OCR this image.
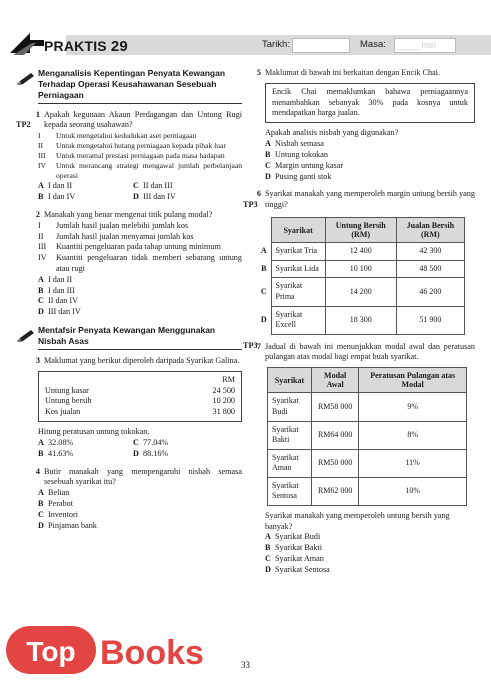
PRAKTIS 29	Tarikh:	Masa:	____ min
Menganalisis Kepentingan Penyata Kewangan Terhadap Operasi Keusahawanan Sesebuah Perniagaan
1 Apakah kegunaan Akaun Perdagangan dan Untung Rugi kepada seorang usahawan?
TP2
I	Untuk mengetahui kedudukan aset perniagaan
II	Untuk mengetahui hutang perniagaan kepada pihak luar
III	Untuk meramal prestasi perniagaan pada masa hadapan
IV	Untuk merancang strategi mengawal jumlah perbelanjaan operasi
A I dan II	C II dan III
B I dan IV	D III dan IV
2 Manakah yang benar mengenai titik pulang modal?
I	Jumlah hasil jualan melebihi jumlah kos
II	Jumlah hasil jualan menyamai jumlah kos
III	Kuantiti pengeluaran pada tahap untung minimum
IV	Kuantiti pengeluaran tidak memberi sebarang untung atau rugi
A I dan II
B I dan III
C II dan IV
D III dan IV
Mentafsir Penyata Kewangan Menggunakan Nisbah Asas
3 Maklumat yang berikut diperoleh daripada Syarikat Galina.
	RM
Untung kasar	24 500
Untung bersih	10 200
Kos jualan	31 800
Hitung peratusan untung tokokan.
A 32.08%	C 77.04%
B 41.63%	D 88.16%
4 Butir manakah yang mempengaruhi nisbah semasa sesebuah syarikat itu?
A Belian
B Perabot
C Inventori
D Pinjaman bank
5 Maklumat di bawah ini berkaitan dengan Encik Chai.
Encik Chai memaklumkan bahawa perniagaannya menambahkan sebanyak 30% pada kosnya untuk mendapatkan harga jualan.
Apakah analisis nisbah yang digunakan?
A Nisbah semasa
B Untung tokokan
C Margin untung kasar
D Pusing ganti stok
6 Syarikat manakah yang memperoleh margin untung bersih yang tinggi?
TP3
	Syarikat	Untung Bersih (RM)	Jualan Bersih (RM)
A	Syarikat Tria	12 400	42 300
B	Syarikat Lida	10 100	48 500
C	Syarikat Prima	14 200	46 200
D	Syarikat Excell	18 300	51 900
7 Jadual di bawah ini menunjukkan modal awal dan peratusan pulangan atas modal bagi empat buah syarikat.
TP3
Syarikat	Modal Awal	Peratusan Pulangan atas Modal
Syarikat Budi	RM58 000	9%
Syarikat Bakti	RM64 000	8%
Syarikat Aman	RM50 000	11%
Syarikat Sentosa	RM62 000	10%
Syarikat manakah yang memperoleh untung bersih yang banyak?
A Syarikat Budi
B Syarikat Bakti
C Syarikat Aman
D Syarikat Sentosa
33
Top Books
